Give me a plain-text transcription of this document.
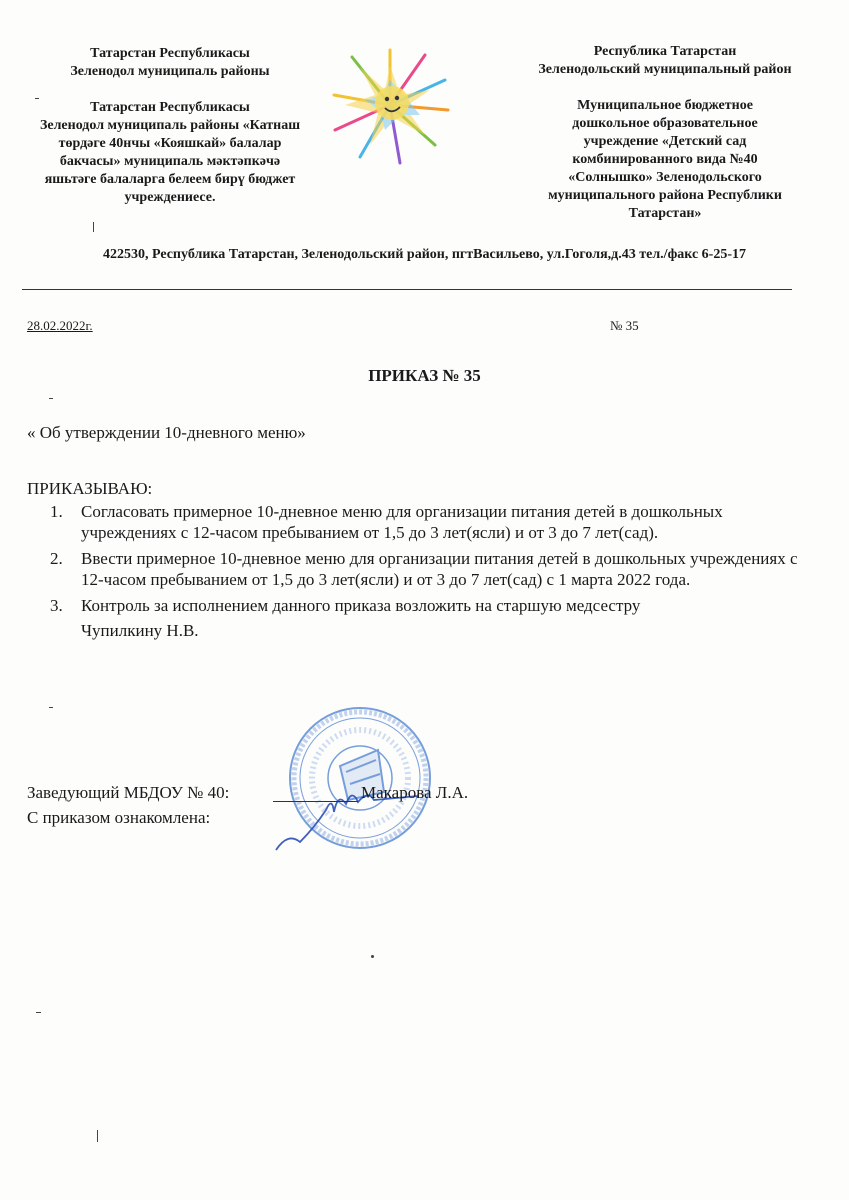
Татарстан Республикасы
Зеленодол муниципаль районы
Татарстан Республикасы
Зеленодол муниципаль районы «Катнаш
төрдәге 40нчы «Кояшкай» балалар
бакчасы» муниципаль мәктәпкәчә
яшьтәге балаларга белеем бирү бюджет
учреждениесе.
Республика Татарстан
Зеленодольский муниципальный район
Муниципальное бюджетное
дошкольное образовательное
учреждение «Детский сад
комбинированного вида №40
«Солнышко» Зеленодольского
муниципального района Республики
Татарстан»
422530, Республика Татарстан, Зеленодольский район, пгтВасильево, ул.Гоголя,д.43 тел./факс 6-25-17
28.02.2022г.	№ 35
ПРИКАЗ № 35
« Об утверждении 10-дневного меню»
ПРИКАЗЫВАЮ:
1. Согласовать примерное 10-дневное меню для организации питания детей в дошкольных учреждениях с 12-часом пребыванием от 1,5 до 3 лет(ясли) и от 3 до 7 лет(сад).
2. Ввести примерное 10-дневное меню для организации питания детей в дошкольных учреждениях с 12-часом пребыванием от 1,5 до 3 лет(ясли) и от 3 до 7 лет(сад) с 1 марта 2022 года.
3. Контроль за исполнением данного приказа возложить на старшую медсестру
Чупилкину Н.В.
Заведующий МБДОУ № 40:	Макарова Л.А.
С приказом ознакомлена:
